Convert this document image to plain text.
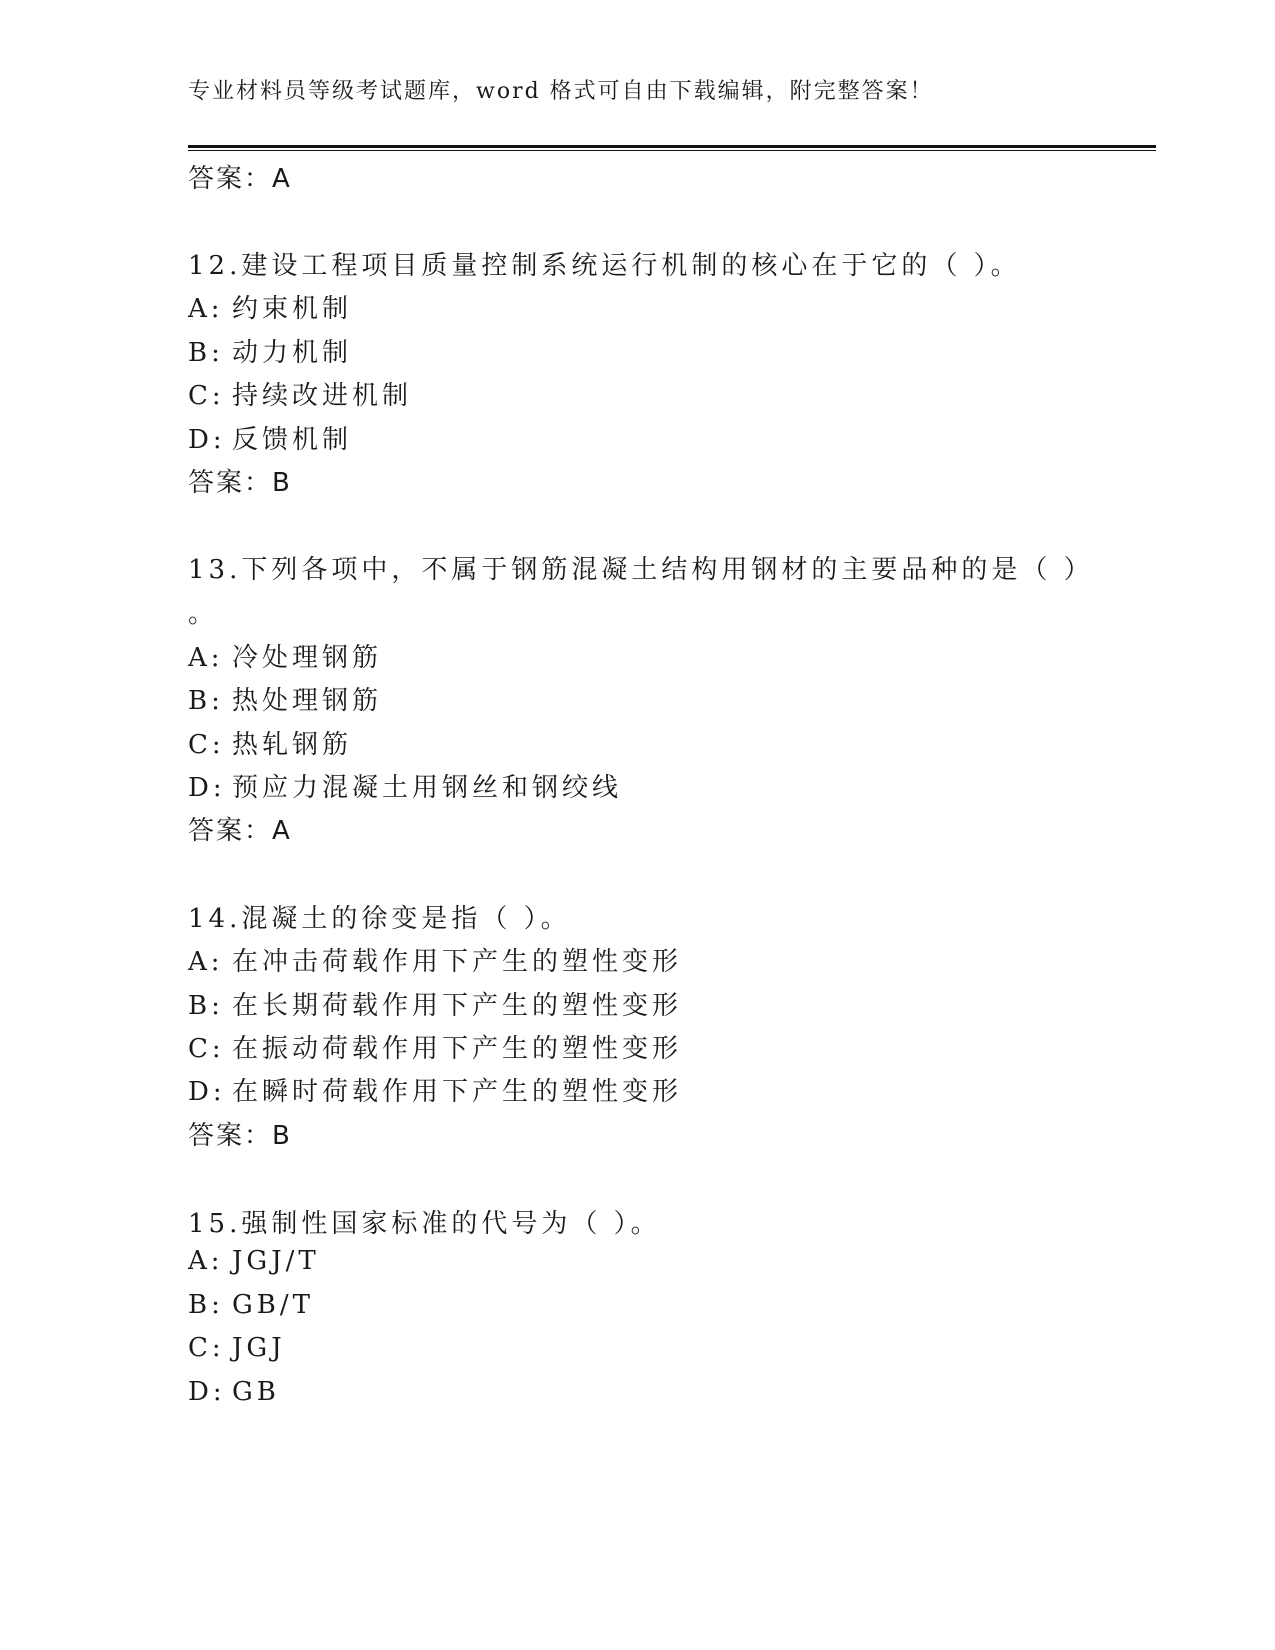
专业材料员等级考试题库，word 格式可自由下载编辑，附完整答案！
答案：A
12.建设工程项目质量控制系统运行机制的核心在于它的（ ）。
A: 约束机制
B: 动力机制
C: 持续改进机制
D: 反馈机制
答案：B
13.下列各项中，不属于钢筋混凝土结构用钢材的主要品种的是（ ）
。
A: 冷处理钢筋
B: 热处理钢筋
C: 热轧钢筋
D: 预应力混凝土用钢丝和钢绞线
答案：A
14.混凝土的徐变是指（ ）。
A: 在冲击荷载作用下产生的塑性变形
B: 在长期荷载作用下产生的塑性变形
C: 在振动荷载作用下产生的塑性变形
D: 在瞬时荷载作用下产生的塑性变形
答案：B
15.强制性国家标准的代号为（ ）。
A: JGJ/T
B: GB/T
C: JGJ
D: GB
